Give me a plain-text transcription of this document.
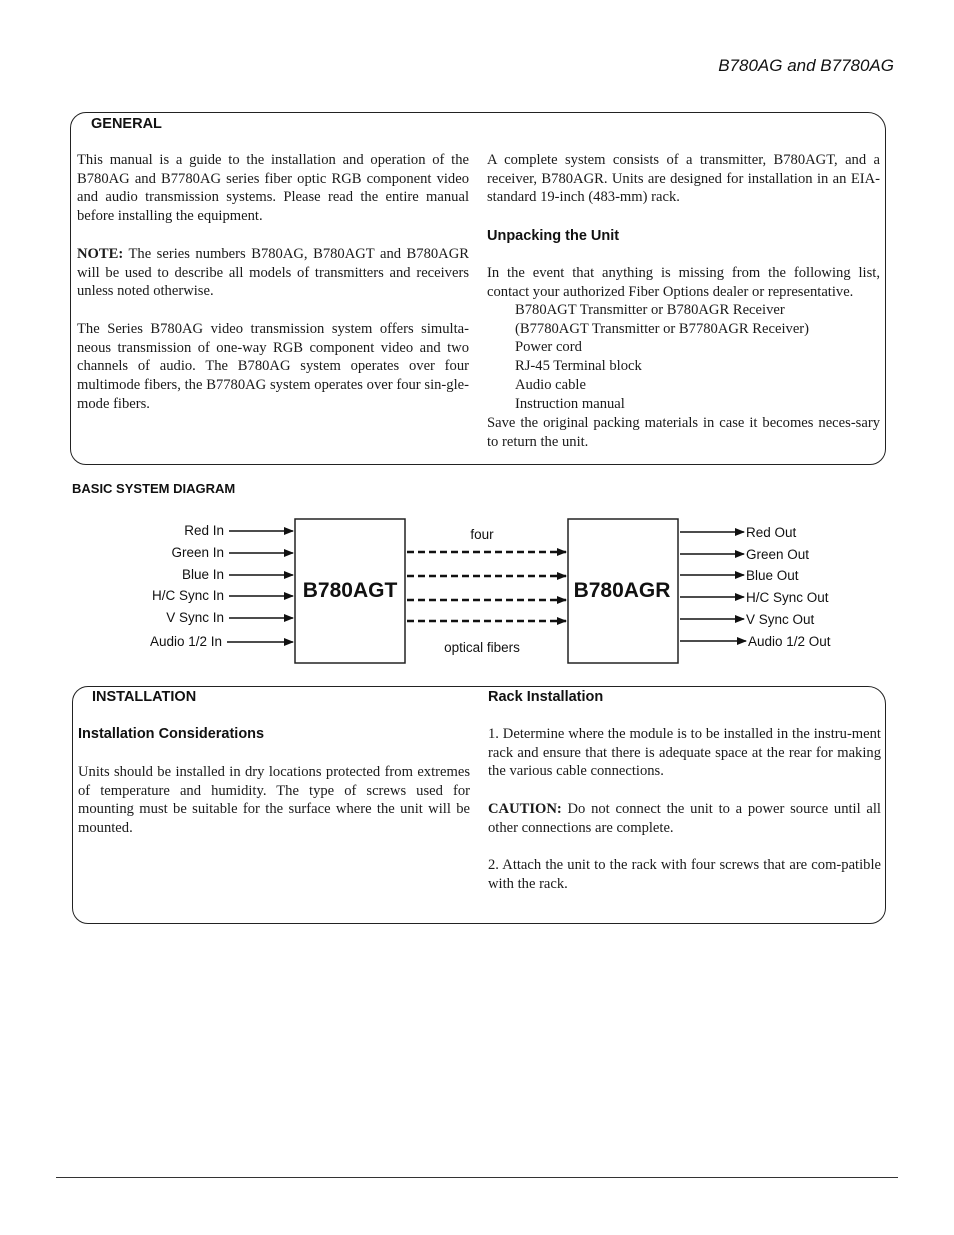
B780AG and B7780AG
GENERAL

This manual is a guide to the installation and operation of the B780AG and B7780AG series fiber optic RGB component video and audio transmission systems. Please read the entire manual before installing the equipment.

NOTE: The series numbers B780AG, B780AGT and B780AGR will be used to describe all models of transmitters and receivers unless noted otherwise.

The Series B780AG video transmission system offers simulta-neous transmission of one-way RGB component video and two channels of audio. The B780AG system operates over four multimode fibers, the B7780AG system operates over four sin-gle-mode fibers.

A complete system consists of a transmitter, B780AGT, and a receiver, B780AGR. Units are designed for installation in an EIA-standard 19-inch (483-mm) rack.

Unpacking the Unit

In the event that anything is missing from the following list, contact your authorized Fiber Options dealer or representative.

B780AGT Transmitter or B780AGR Receiver
(B7780AGT Transmitter or B7780AGR Receiver)
Power cord
RJ-45 Terminal block
Audio cable
Instruction manual

Save the original packing materials in case it becomes neces-sary to return the unit.

BASIC SYSTEM DIAGRAM
B780AGT	B780AGR
Red In
Green In
Blue In
H/C Sync In
V Sync In
Audio 1/2 In
four
optical fibers
Red Out
Green Out
Blue Out
H/C Sync Out
V Sync Out
Audio 1/2 Out
INSTALLATION
Installation Considerations

Units should be installed in dry locations protected from extremes of temperature and humidity. The type of screws used for mounting must be suitable for the surface where the unit will be mounted.

Rack Installation

1. Determine where the module is to be installed in the instru-ment rack and ensure that there is adequate space at the rear for making the various cable connections.

CAUTION: Do not connect the unit to a power source until all other connections are complete.

2. Attach the unit to the rack with four screws that are com-patible with the rack.
